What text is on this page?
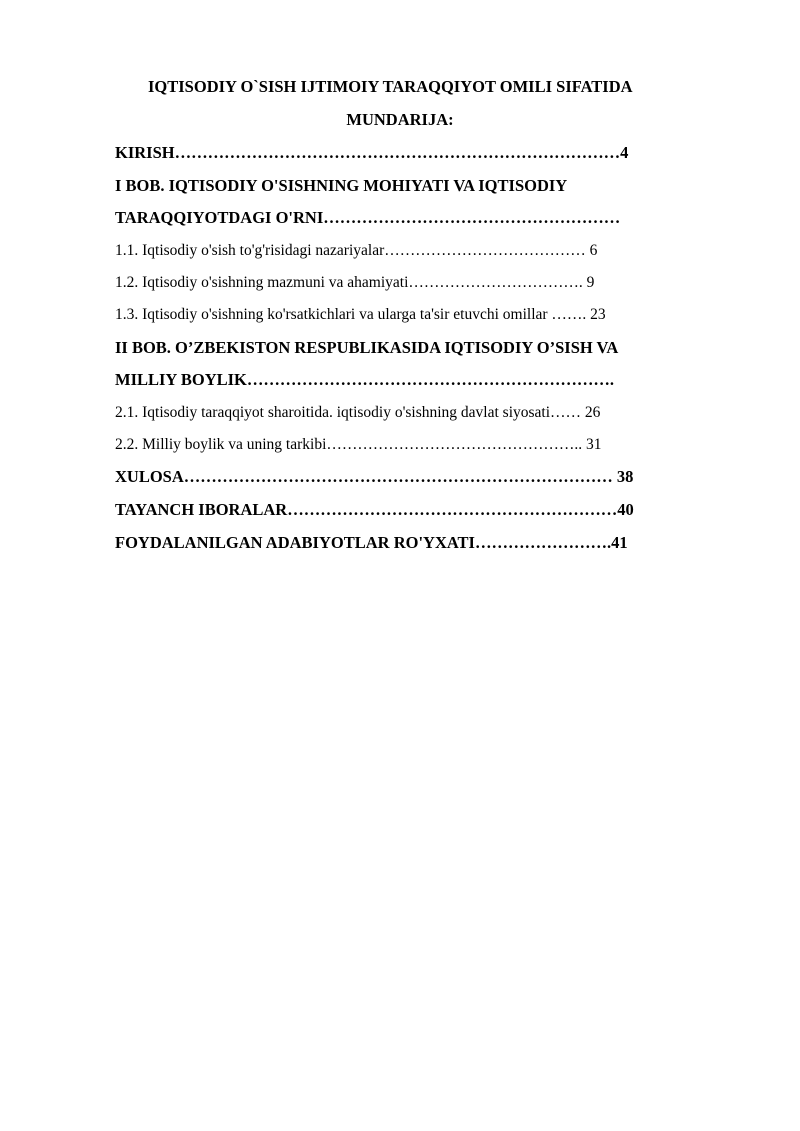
IQTISODIY O`SISH IJTIMOIY TARAQQIYOT OMILI SIFATIDA
MUNDARIJA:
KIRISH………………………………………………………………………4
I BOB. IQTISODIY O'SISHNING MOHIYATI VA IQTISODIY
TARAQQIYOTDAGI O'RNI………………………………………………
1.1. Iqtisodiy o'sish to'g'risidagi nazariyalar………………………………… 6
1.2. Iqtisodiy o'sishning mazmuni va ahamiyati……………………………. 9
1.3. Iqtisodiy o'sishning ko'rsatkichlari va ularga ta'sir etuvchi omillar ……. 23
II BOB. O’ZBEKISTON RESPUBLIKASIDA IQTISODIY O’SISH VA
MILLIY BOYLIK………………………………………………………….
2.1. Iqtisodiy taraqqiyot sharoitida. iqtisodiy o'sishning davlat siyosati…… 26
2.2. Milliy boylik va uning tarkibi………………………………………….. 31
XULOSA…………………………………………………………………… 38
TAYANCH IBORALAR……………………………………………………40
FOYDALANILGAN ADABIYOTLAR RO'YXATI…………………….41
